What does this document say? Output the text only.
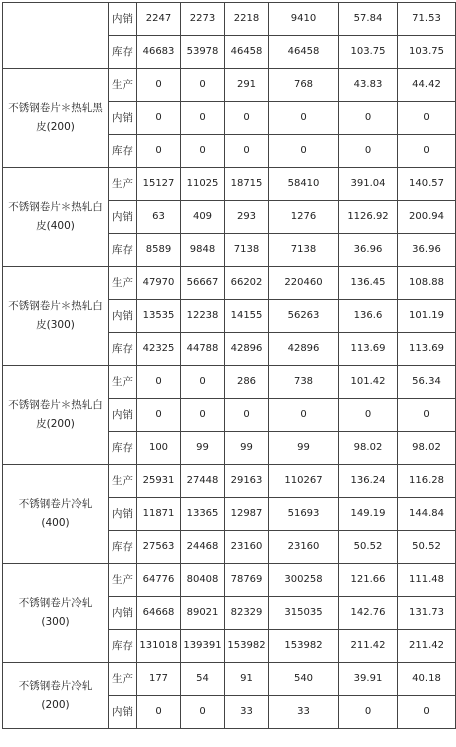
	内销	2247	2273	2218	9410	57.84	71.53
	库存	46683	53978	46458	46458	103.75	103.75
不锈钢卷片＊热轧黑皮(200)	生产	0	0	291	768	43.83	44.42
	内销	0	0	0	0	0	0
	库存	0	0	0	0	0	0
不锈钢卷片＊热轧白皮(400)	生产	15127	11025	18715	58410	391.04	140.57
	内销	63	409	293	1276	1126.92	200.94
	库存	8589	9848	7138	7138	36.96	36.96
不锈钢卷片＊热轧白皮(300)	生产	47970	56667	66202	220460	136.45	108.88
	内销	13535	12238	14155	56263	136.6	101.19
	库存	42325	44788	42896	42896	113.69	113.69
不锈钢卷片＊热轧白皮(200)	生产	0	0	286	738	101.42	56.34
	内销	0	0	0	0	0	0
	库存	100	99	99	99	98.02	98.02
不锈钢卷片冷轧(400)	生产	25931	27448	29163	110267	136.24	116.28
	内销	11871	13365	12987	51693	149.19	144.84
	库存	27563	24468	23160	23160	50.52	50.52
不锈钢卷片冷轧(300)	生产	64776	80408	78769	300258	121.66	111.48
	内销	64668	89021	82329	315035	142.76	131.73
	库存	131018	139391	153982	153982	211.42	211.42
不锈钢卷片冷轧(200)	生产	177	54	91	540	39.91	40.18
	内销	0	0	33	33	0	0
